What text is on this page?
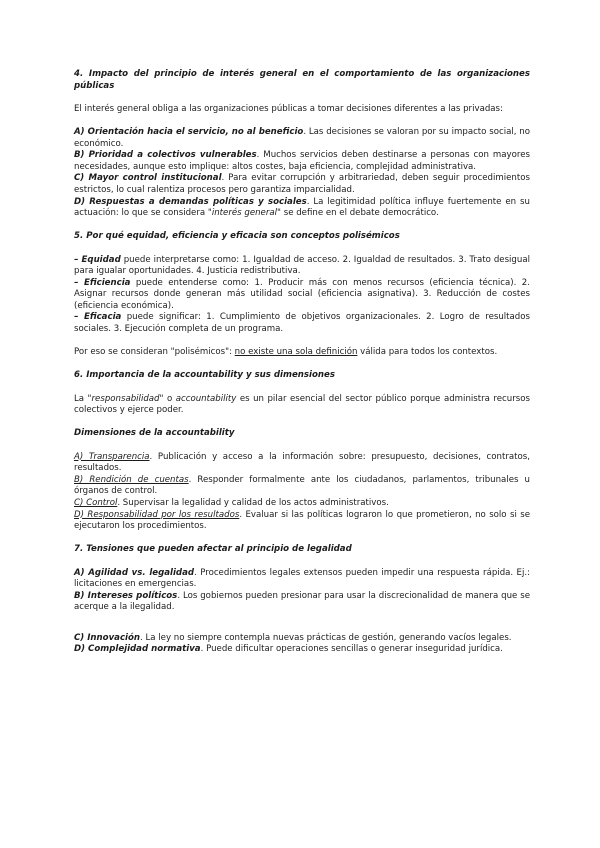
4. Impacto del principio de interés general en el comportamiento de las organizaciones públicas

El interés general obliga a las organizaciones públicas a tomar decisiones diferentes a las privadas:

A) Orientación hacia el servicio, no al beneficio. Las decisiones se valoran por su impacto social, no económico.

B) Prioridad a colectivos vulnerables. Muchos servicios deben destinarse a personas con mayores necesidades, aunque esto implique: altos costes, baja eficiencia, complejidad administrativa.

C) Mayor control institucional. Para evitar corrupción y arbitrariedad, deben seguir procedimientos estrictos, lo cual ralentiza procesos pero garantiza imparcialidad.

D) Respuestas a demandas políticas y sociales. La legitimidad política influye fuertemente en su actuación: lo que se considera "interés general" se define en el debate democrático.

5. Por qué equidad, eficiencia y eficacia son conceptos polisémicos

– Equidad puede interpretarse como: 1. Igualdad de acceso. 2. Igualdad de resultados. 3. Trato desigual para igualar oportunidades. 4. Justicia redistributiva.

– Eficiencia puede entenderse como: 1. Producir más con menos recursos (eficiencia técnica). 2. Asignar recursos donde generan más utilidad social (eficiencia asignativa). 3. Reducción de costes (eficiencia económica).

– Eficacia puede significar: 1. Cumplimiento de objetivos organizacionales. 2. Logro de resultados sociales. 3. Ejecución completa de un programa.

Por eso se consideran "polisémicos": no existe una sola definición válida para todos los contextos.

6. Importancia de la accountability y sus dimensiones

La "responsabilidad" o accountability es un pilar esencial del sector público porque administra recursos colectivos y ejerce poder.

Dimensiones de la accountability

A) Transparencia. Publicación y acceso a la información sobre: presupuesto, decisiones, contratos, resultados.

B) Rendición de cuentas. Responder formalmente ante los ciudadanos, parlamentos, tribunales u órganos de control.

C) Control. Supervisar la legalidad y calidad de los actos administrativos.

D) Responsabilidad por los resultados. Evaluar si las políticas lograron lo que prometieron, no solo si se ejecutaron los procedimientos.

7. Tensiones que pueden afectar al principio de legalidad

A) Agilidad vs. legalidad. Procedimientos legales extensos pueden impedir una respuesta rápida. Ej.: licitaciones en emergencias.

B) Intereses políticos. Los gobiernos pueden presionar para usar la discrecionalidad de manera que se acerque a la ilegalidad.

C) Innovación. La ley no siempre contempla nuevas prácticas de gestión, generando vacíos legales.

D) Complejidad normativa. Puede dificultar operaciones sencillas o generar inseguridad jurídica.
